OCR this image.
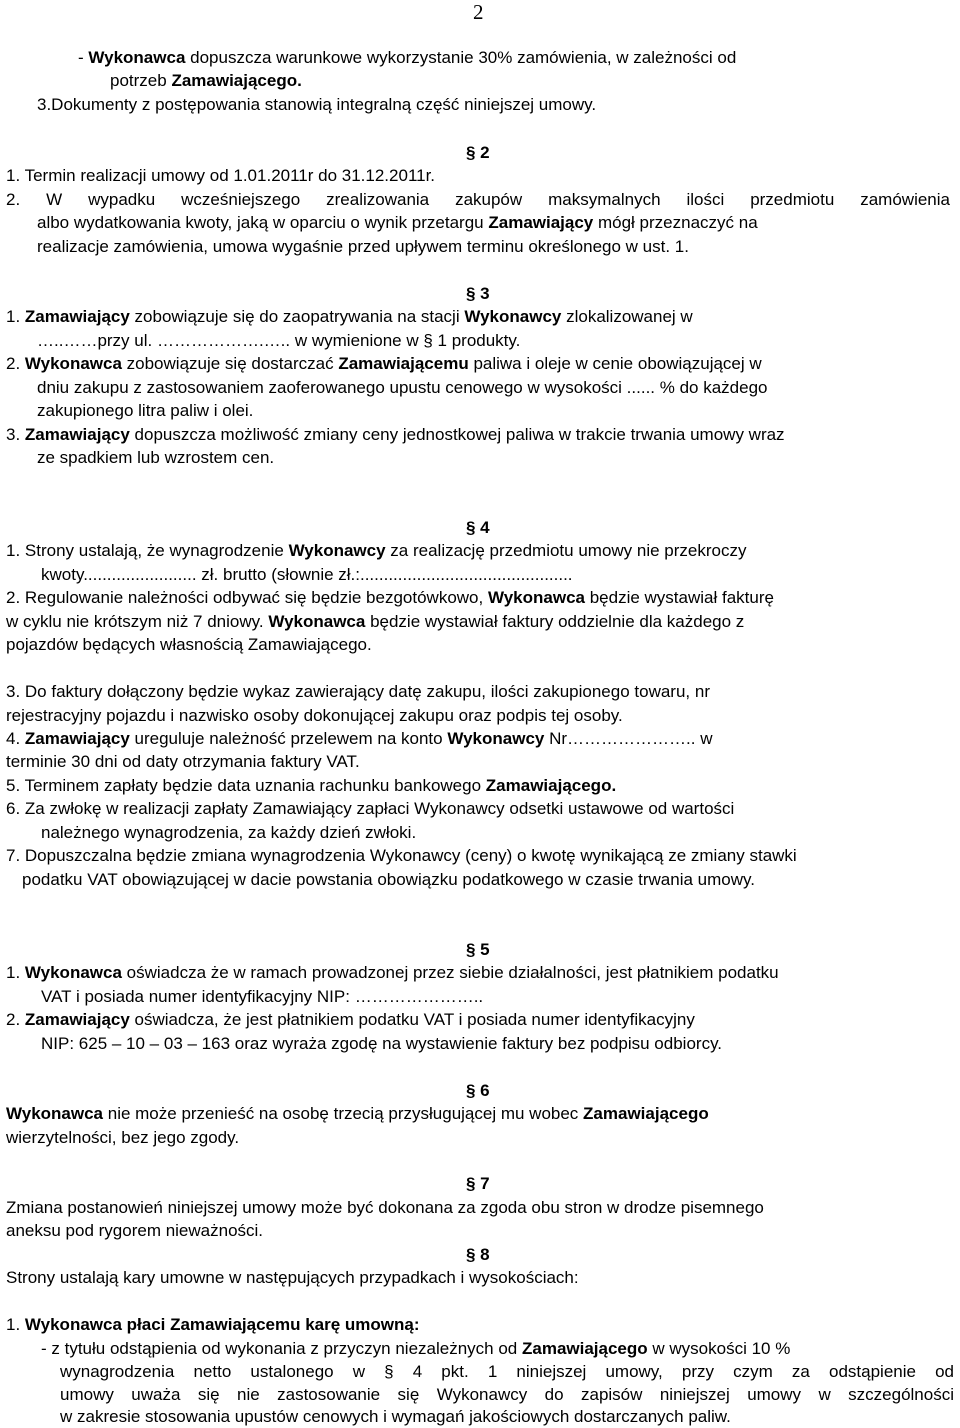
2
- Wykonawca dopuszcza warunkowe wykorzystanie 30% zamówienia, w zależności od
potrzeb Zamawiającego.
3.Dokumenty z postępowania stanowią integralną część niniejszej umowy.
§ 2
1. Termin realizacji umowy od 1.01.2011r do 31.12.2011r.
2. W wypadku wcześniejszego zrealizowania zakupów maksymalnych ilości przedmiotu zamówienia
albo wydatkowania kwoty, jaką w oparciu o wynik przetargu Zamawiający mógł przeznaczyć na
realizacje zamówienia, umowa wygaśnie przed upływem terminu określonego w ust. 1.
§ 3
1. Zamawiający zobowiązuje się do zaopatrywania na stacji Wykonawcy zlokalizowanej w
…..……przy ul. ……………….….. w wymienione w § 1 produkty.
2. Wykonawca zobowiązuje się dostarczać Zamawiającemu paliwa i oleje w cenie obowiązującej w
dniu zakupu z zastosowaniem zaoferowanego upustu cenowego w wysokości ...... % do każdego
zakupionego litra paliw i olei.
3. Zamawiający dopuszcza możliwość zmiany ceny jednostkowej paliwa w trakcie trwania umowy wraz
ze spadkiem lub wzrostem cen.
§ 4
1. Strony ustalają, że wynagrodzenie Wykonawcy za realizację przedmiotu umowy nie przekroczy
kwoty........................ zł. brutto (słownie zł.:.............................................
2. Regulowanie należności odbywać się będzie bezgotówkowo, Wykonawca będzie wystawiał fakturę
w cyklu nie krótszym niż 7 dniowy. Wykonawca będzie wystawiał faktury oddzielnie dla każdego z
pojazdów będących własnością Zamawiającego.
3. Do faktury dołączony będzie wykaz zawierający datę zakupu, ilości zakupionego towaru, nr
rejestracyjny pojazdu i nazwisko osoby dokonującej zakupu oraz podpis tej osoby.
4. Zamawiający ureguluje należność przelewem na konto Wykonawcy Nr………………….. w
terminie 30 dni od daty otrzymania faktury VAT.
5. Terminem zapłaty będzie data uznania rachunku bankowego Zamawiającego.
6. Za zwłokę w realizacji zapłaty Zamawiający zapłaci Wykonawcy odsetki ustawowe od wartości
należnego wynagrodzenia, za każdy dzień zwłoki.
7. Dopuszczalna będzie zmiana wynagrodzenia Wykonawcy (ceny) o kwotę wynikającą ze zmiany stawki
podatku VAT obowiązującej w dacie powstania obowiązku podatkowego w czasie trwania umowy.
§ 5
1. Wykonawca oświadcza że w ramach prowadzonej przez siebie działalności, jest płatnikiem podatku
VAT i posiada numer identyfikacyjny NIP: …………………..
2. Zamawiający oświadcza, że jest płatnikiem podatku VAT i posiada numer identyfikacyjny
NIP: 625 – 10 – 03 – 163 oraz wyraża zgodę na wystawienie faktury bez podpisu odbiorcy.
§ 6
Wykonawca nie może przenieść na osobę trzecią przysługującej mu wobec Zamawiającego
wierzytelności, bez jego zgody.
§ 7
Zmiana postanowień niniejszej umowy może być dokonana za zgoda obu stron w drodze pisemnego
aneksu pod rygorem nieważności.
§ 8
Strony ustalają kary umowne w następujących przypadkach i wysokościach:
1. Wykonawca płaci Zamawiającemu karę umowną:
- z tytułu odstąpienia od wykonania z przyczyn niezależnych od Zamawiającego w wysokości 10 %
wynagrodzenia netto ustalonego w § 4 pkt. 1 niniejszej umowy, przy czym za odstąpienie od
umowy uważa się nie zastosowanie się Wykonawcy do zapisów niniejszej umowy w szczególności
w zakresie stosowania upustów cenowych i wymagań jakościowych dostarczanych paliw.
